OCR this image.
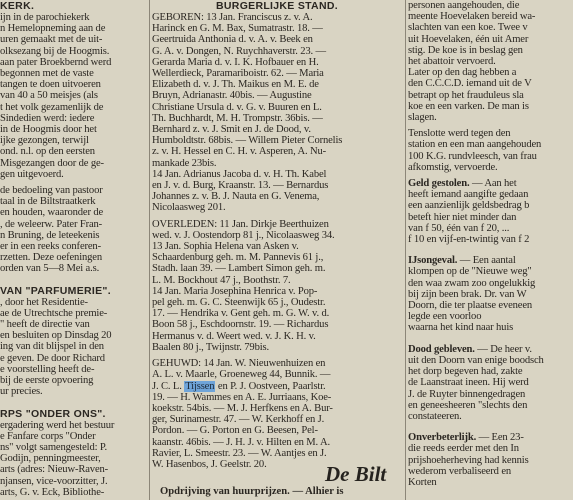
KERK.
ijn in de parochiekerk
n Hemelopneming aan de
uren gemaakt met de uit-
olksezang bij de Hoogmis.
aan pater Broekbernd werd
begonnen met de vaste
tangen te doen uitvoeren
van 40 a 50 meisjes (als
t het volk gezamenlijk de
Sindedien werd: iedere
in de Hoogmis door het
ijke gezongen, terwijl
ond. n.l. op den eersten
Misgezangen door de ge-
gen uitgevoerd.
de bedoeling van pastoor
taal in de Biltstraatkerk
en houden, waaronder de
, de weleerw. Pater Fran-
n Bruning, de leteekenis
er in een reeks conferen-
rzetten. Deze oefeningen
orden van 5—8 Mei a.s.
VAN "PARFUMERIE".
, door het Residentie-
ae de Utrechtsche premie-
" heeft de directie van
en besluiten op Dinsdag 20
ing van dit blijspel in den
e geven. De door Richard
e voorstelling heeft de-
bij de eerste opvoering
ur precies.
RPS "ONDER ONS".
ergadering werd het bestuur
e Fanfare corps "Onder
ns" volgt samengesteld: P.
Godijn, penningmeester,
arts (adres: Nieuw-Raven-
njansen, vice-voorzitter, J.
arts, G. v. Eck, Bibliothe-
BURGERLIJKE STAND.
GEBOREN: 13 Jan. Franciscus z. v. A.
Harinck en G. M. Bax, Sumatrastr. 18. —
Geertruida Anthonia d. v. A. v. Beek en
G. A. v. Dongen, N. Ruychhaverstr. 23. —
Gerarda Maria d. v. I. K. Hofbauer en H.
Wellerdieck, Paramariboistr. 62. — Maria
Elizabeth d. v. J. Th. Maikus en M. E. de
Bruyn, Adrianastr. 40bis. — Augustine
Christiane Ursula d. v. G. v. Buuren en L.
Th. Buchhardt, M. H. Trompstr. 36bis. —
Bernhard z. v. J. Smit en J. de Dood, v.
Humboldtstr. 68bis. — Willem Pieter Cornelis
z. v. H. Hessel en C. H. v. Asperen, A. Nu-
mankade 23bis.
14 Jan. Adrianus Jacoba d. v. H. Th. Kabel
en J. v. d. Burg, Kraanstr. 13. — Bernardus
Johannes z. v. B. J. Nauta en G. Venema,
Nicolaasweg 201.
OVERLEDEN: 11 Jan. Dirkje Beerthuizen
wed. v. J. Oostendorp 81 j., Nicolaasweg 34.
13 Jan. Sophia Helena van Asken v.
Schaardenburg geh. m. M. Pannevis 61 j.,
Stadh. laan 39. — Lambert Simon geh. m.
L. M. Bockhout 47 j., Boothstr. 7.
14 Jan. Maria Josephina Henrica v. Pop-
pel geh. m. G. C. Steenwijk 65 j., Oudestr.
17. — Hendrika v. Gent geh. m. G. W. v. d.
Boon 58 j., Eschdoornstr. 19. — Richardus
Hermanus v. d. Weert wed. v. J. K. H. v.
Baalen 80 j., Twijnstr. 79bis.
GEHUWD: 14 Jan. W. Nieuwenhuizen en
A. L. v. Maarle, Groeneweg 44, Bunnik. —
J. C. L. Tijssen en P. J. Oostveen, Paarlstr.
19. — H. Wammes en A. E. Jurriaans, Koe-
koekstr. 54bis. — M. J. Herfkens en A. Bur-
ger, Surinamestr. 47. — W. Kerkhoff en J.
Pordon. — G. Porton en G. Beesen, Pel-
kaanstr. 46bis. — J. H. J. v. Hilten en M. A.
Ravier, L. Smeestr. 23. — W. Aantjes en J.
W. Hasenbos, J. Geelstr. 20.	De Bilt
Opdrijving van huurprijzen. — Alhier is
personen aangehouden, die
meente Hoevelaken bereid wa-
slachten van een koe. Twee v
uit Hoevelaken, één uit Amer
stig. De koe is in beslag gen
het abattoir vervoerd.
Later op den dag hebben a
den C.C.C.D. iemand uit de V
betrapt op het frauduleus sla
koe en een varken. De man is
slagen.
Tenslotte werd tegen den
station en een man aangehouden
100 K.G. rundvleesch, van frau
afkomstig, vervoerde.
Geld gestolen. — Aan het
heeft iemand aangifte gedaan
een aanzienlijk geldsbedrag b
beteft hier niet minder dan
van f 50, één van f 20, ...
f 10 en vijf-en-twintig van f 2
IJsongeval. — Een aantal
klompen op de "Nieuwe weg"
den waa zwam zoo ongelukkig
bij zijn been brak. Dr. van W
Doorn, die ter plaatse eveneen
legde een voorloo
waarna het kind naar huis
Dood gebleven. — De heer v.
uit den Doorn van enige boodsch
het dorp begeven had, zakte
de Laanstraat ineen. Hij werd
J. de Ruyter binnengedragen
en geneesheeren "slechts den
constateeren.
Onverbeterlijk. — Een 23-
die reeds eerder met den In
prijshoeherheving had kennis
wederom verbaliseerd en
Korten
